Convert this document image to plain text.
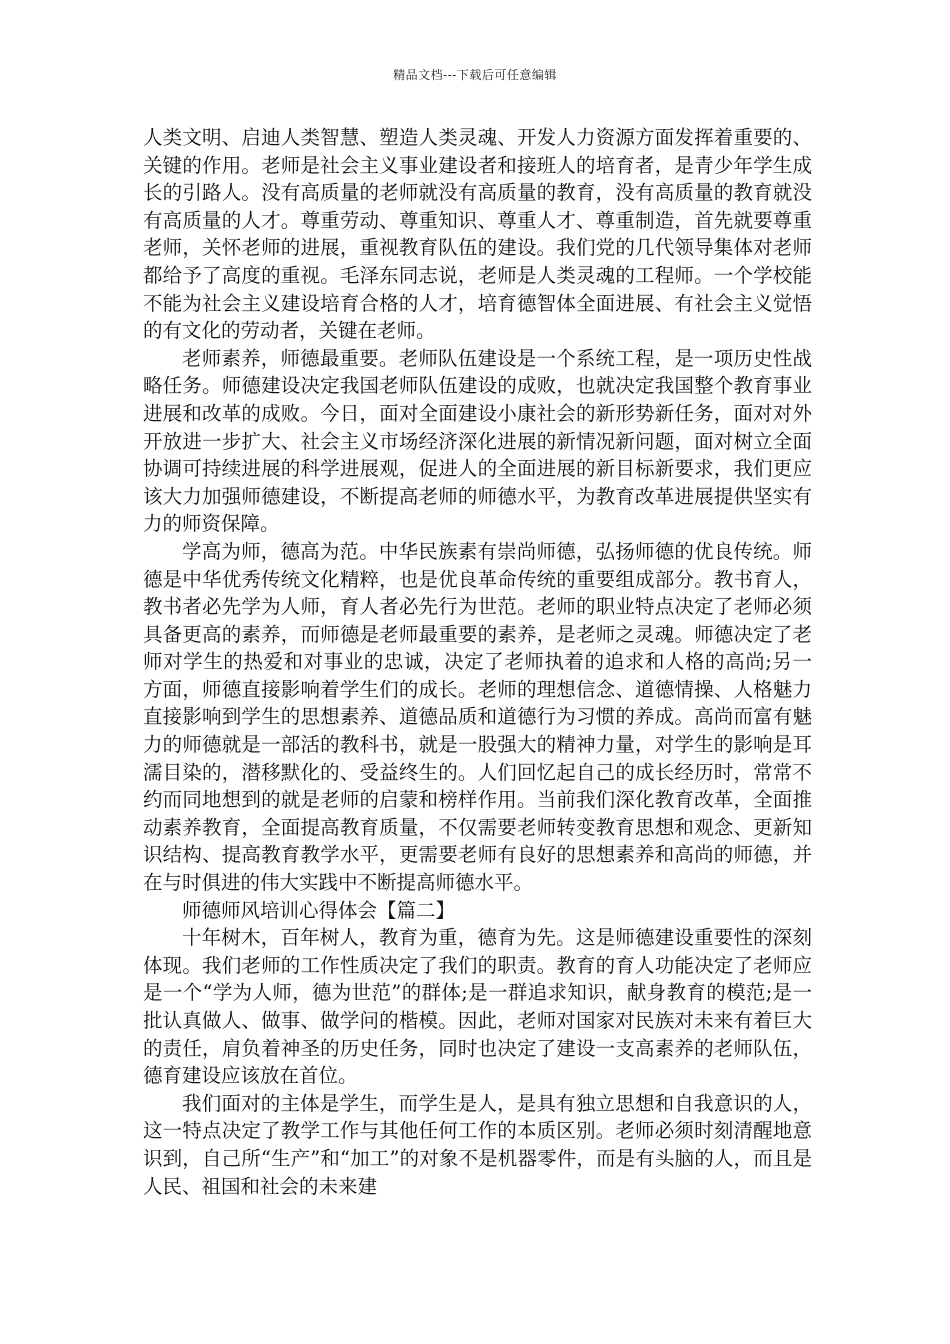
精品文档---下载后可任意编辑

人类文明、启迪人类智慧、塑造人类灵魂、开发人力资源方面发挥着重要的、关键的作用。老师是社会主义事业建设者和接班人的培育者，是青少年学生成长的引路人。没有高质量的老师就没有高质量的教育，没有高质量的教育就没有高质量的人才。尊重劳动、尊重知识、尊重人才、尊重制造，首先就要尊重老师，关怀老师的进展，重视教育队伍的建设。我们党的几代领导集体对老师都给予了高度的重视。毛泽东同志说，老师是人类灵魂的工程师。一个学校能不能为社会主义建设培育合格的人才，培育德智体全面进展、有社会主义觉悟的有文化的劳动者，关键在老师。

老师素养，师德最重要。老师队伍建设是一个系统工程，是一项历史性战略任务。师德建设决定我国老师队伍建设的成败，也就决定我国整个教育事业进展和改革的成败。今日，面对全面建设小康社会的新形势新任务，面对对外开放进一步扩大、社会主义市场经济深化进展的新情况新问题，面对树立全面协调可持续进展的科学进展观，促进人的全面进展的新目标新要求，我们更应该大力加强师德建设，不断提高老师的师德水平，为教育改革进展提供坚实有力的师资保障。

学高为师，德高为范。中华民族素有崇尚师德，弘扬师德的优良传统。师德是中华优秀传统文化精粹，也是优良革命传统的重要组成部分。教书育人，教书者必先学为人师，育人者必先行为世范。老师的职业特点决定了老师必须具备更高的素养，而师德是老师最重要的素养，是老师之灵魂。师德决定了老师对学生的热爱和对事业的忠诚，决定了老师执着的追求和人格的高尚;另一方面，师德直接影响着学生们的成长。老师的理想信念、道德情操、人格魅力直接影响到学生的思想素养、道德品质和道德行为习惯的养成。高尚而富有魅力的师德就是一部活的教科书，就是一股强大的精神力量，对学生的影响是耳濡目染的，潜移默化的、受益终生的。人们回忆起自己的成长经历时，常常不约而同地想到的就是老师的启蒙和榜样作用。当前我们深化教育改革，全面推动素养教育，全面提高教育质量，不仅需要老师转变教育思想和观念、更新知识结构、提高教育教学水平，更需要老师有良好的思想素养和高尚的师德，并在与时俱进的伟大实践中不断提高师德水平。

师德师风培训心得体会【篇二】

十年树木，百年树人，教育为重，德育为先。这是师德建设重要性的深刻体现。我们老师的工作性质决定了我们的职责。教育的育人功能决定了老师应是一个“学为人师，德为世范”的群体;是一群追求知识，献身教育的模范;是一批认真做人、做事、做学问的楷模。因此，老师对国家对民族对未来有着巨大的责任，肩负着神圣的历史任务，同时也决定了建设一支高素养的老师队伍，德育建设应该放在首位。

我们面对的主体是学生，而学生是人，是具有独立思想和自我意识的人，这一特点决定了教学工作与其他任何工作的本质区别。老师必须时刻清醒地意识到，自己所“生产”和“加工”的对象不是机器零件，而是有头脑的人，而且是人民、祖国和社会的未来建
